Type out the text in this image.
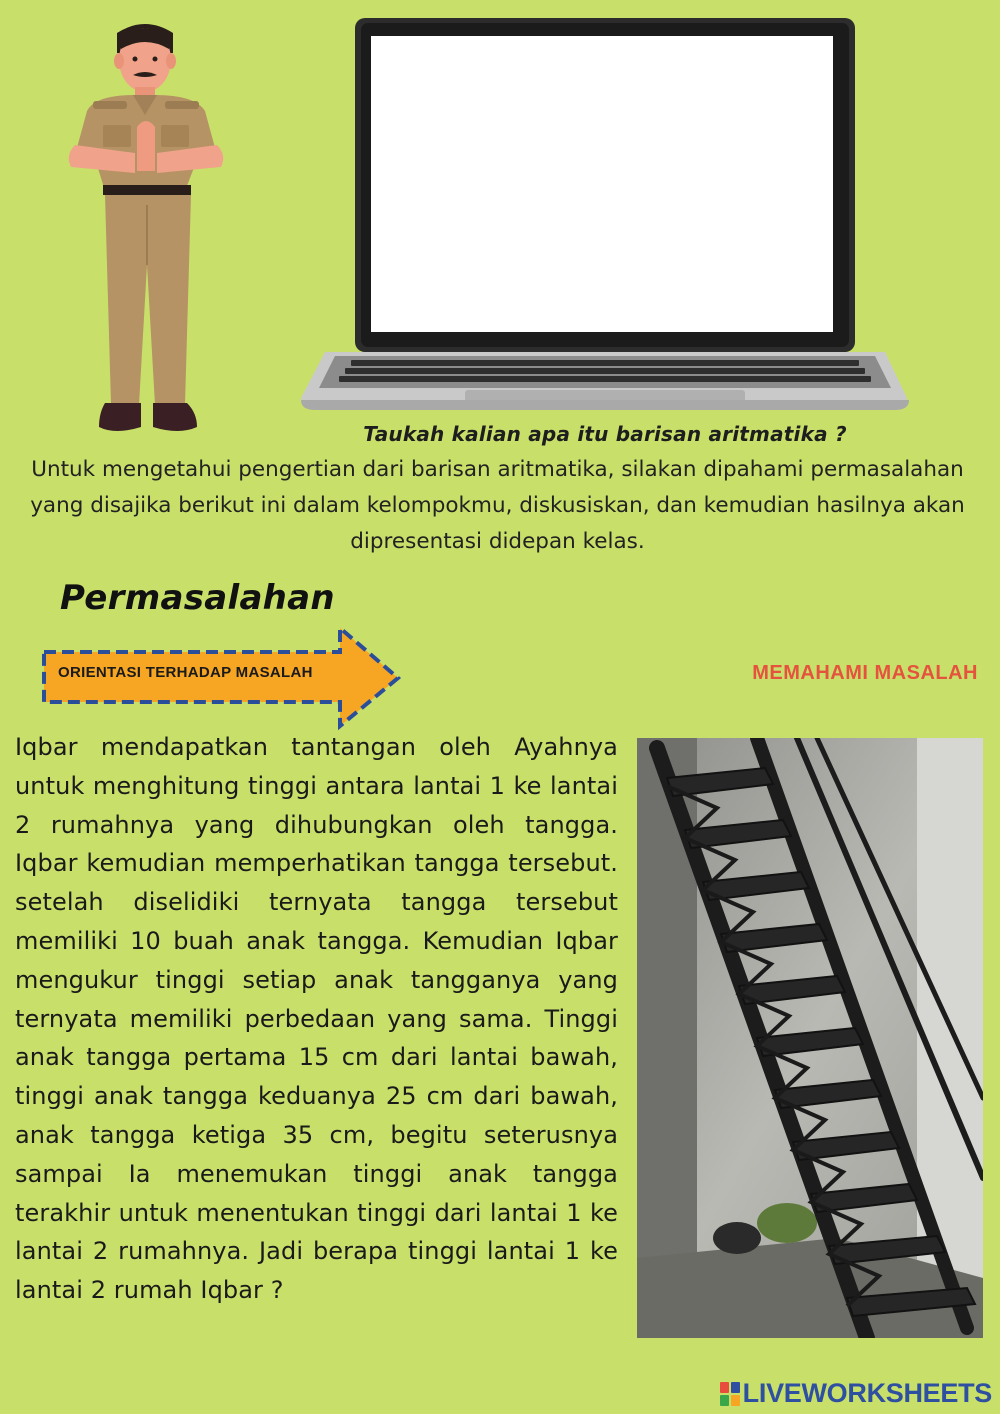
Taukah kalian apa itu barisan aritmatika ?
Untuk mengetahui pengertian dari barisan aritmatika, silakan dipahami permasalahan yang disajika berikut ini dalam kelompokmu, diskusiskan, dan kemudian hasilnya akan dipresentasi didepan kelas.
Permasalahan
ORIENTASI TERHADAP MASALAH	MEMAHAMI MASALAH
Iqbar mendapatkan tantangan oleh Ayahnya untuk menghitung tinggi antara lantai 1 ke lantai 2 rumahnya yang dihubungkan oleh tangga. Iqbar kemudian memperhatikan tangga tersebut. setelah diselidiki ternyata tangga tersebut memiliki 10 buah anak tangga. Kemudian Iqbar mengukur tinggi setiap anak tangganya yang ternyata memiliki perbedaan yang sama. Tinggi anak tangga pertama 15 cm dari lantai bawah, tinggi anak tangga keduanya 25 cm dari bawah, anak tangga ketiga 35 cm, begitu seterusnya sampai Ia menemukan tinggi anak tangga terakhir untuk menentukan tinggi dari lantai 1 ke lantai 2 rumahnya. Jadi berapa tinggi lantai 1 ke lantai 2 rumah Iqbar ?
LIVEWORKSHEETS
